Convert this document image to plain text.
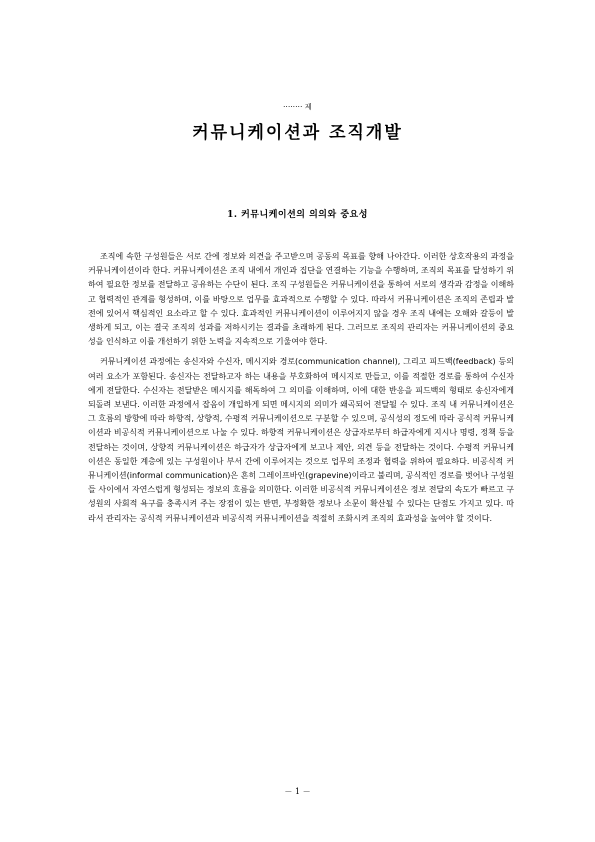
········ 제
커뮤니케이션과 조직개발
1. 커뮤니케이션의 의의와 중요성

조직에 속한 구성원들은 서로 간에 정보와 의견을 주고받으며 공동의 목표를 향해 나아간다. 이러한 상호작용의 과정을 커뮤니케이션이라 한다. 커뮤니케이션은 조직 내에서 개인과 집단을 연결하는 기능을 수행하며, 조직의 목표를 달성하기 위하여 필요한 정보를 전달하고 공유하는 수단이 된다. 조직 구성원들은 커뮤니케이션을 통하여 서로의 생각과 감정을 이해하고 협력적인 관계를 형성하며, 이를 바탕으로 업무를 효과적으로 수행할 수 있다. 따라서 커뮤니케이션은 조직의 존립과 발전에 있어서 핵심적인 요소라고 할 수 있다. 효과적인 커뮤니케이션이 이루어지지 않을 경우 조직 내에는 오해와 갈등이 발생하게 되고, 이는 결국 조직의 성과를 저하시키는 결과를 초래하게 된다. 그러므로 조직의 관리자는 커뮤니케이션의 중요성을 인식하고 이를 개선하기 위한 노력을 지속적으로 기울여야 한다.

커뮤니케이션 과정에는 송신자와 수신자, 메시지와 경로(communication channel), 그리고 피드백(feedback) 등의 여러 요소가 포함된다. 송신자는 전달하고자 하는 내용을 부호화하여 메시지로 만들고, 이를 적절한 경로를 통하여 수신자에게 전달한다. 수신자는 전달받은 메시지를 해독하여 그 의미를 이해하며, 이에 대한 반응을 피드백의 형태로 송신자에게 되돌려 보낸다. 이러한 과정에서 잡음이 개입하게 되면 메시지의 의미가 왜곡되어 전달될 수 있다. 조직 내 커뮤니케이션은 그 흐름의 방향에 따라 하향적, 상향적, 수평적 커뮤니케이션으로 구분할 수 있으며, 공식성의 정도에 따라 공식적 커뮤니케이션과 비공식적 커뮤니케이션으로 나눌 수 있다. 하향적 커뮤니케이션은 상급자로부터 하급자에게 지시나 명령, 정책 등을 전달하는 것이며, 상향적 커뮤니케이션은 하급자가 상급자에게 보고나 제안, 의견 등을 전달하는 것이다. 수평적 커뮤니케이션은 동일한 계층에 있는 구성원이나 부서 간에 이루어지는 것으로 업무의 조정과 협력을 위하여 필요하다. 비공식적 커뮤니케이션(informal communication)은 흔히 그레이프바인(grapevine)이라고 불리며, 공식적인 경로를 벗어나 구성원들 사이에서 자연스럽게 형성되는 정보의 흐름을 의미한다. 이러한 비공식적 커뮤니케이션은 정보 전달의 속도가 빠르고 구성원의 사회적 욕구를 충족시켜 주는 장점이 있는 반면, 부정확한 정보나 소문이 확산될 수 있다는 단점도 가지고 있다. 따라서 관리자는 공식적 커뮤니케이션과 비공식적 커뮤니케이션을 적절히 조화시켜 조직의 효과성을 높여야 할 것이다.

－ 1 －
